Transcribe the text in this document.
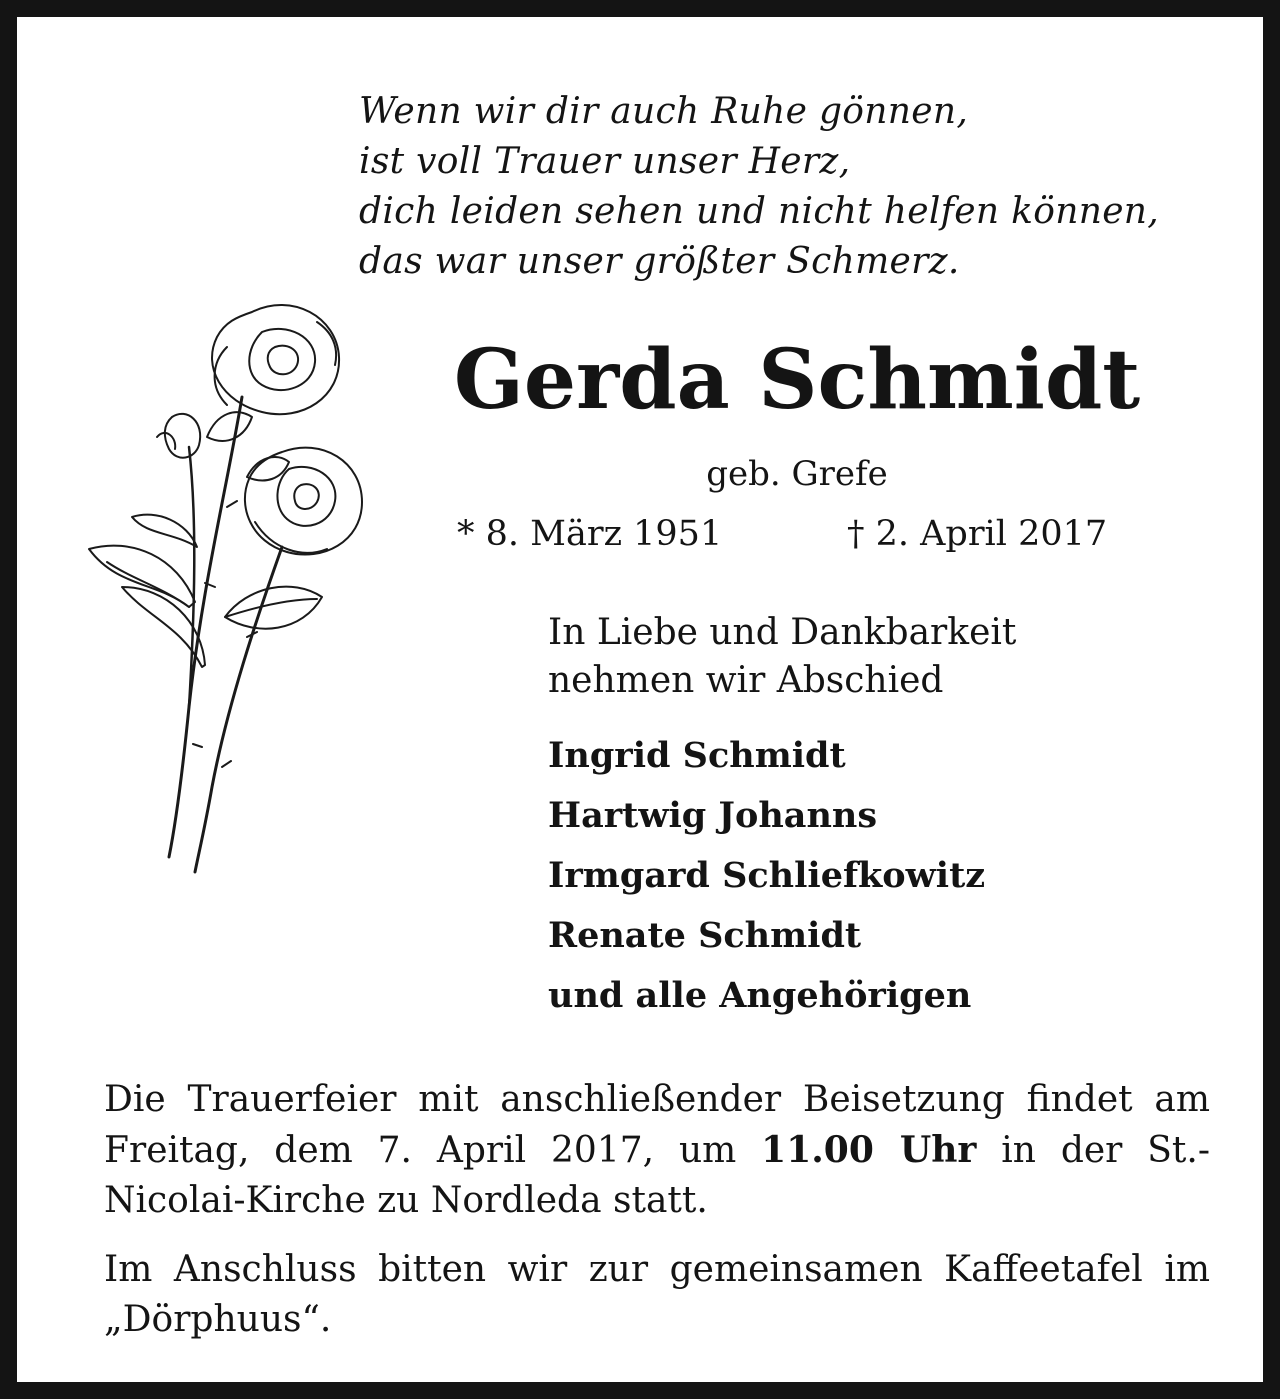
Wenn wir dir auch Ruhe gönnen,
ist voll Trauer unser Herz,
dich leiden sehen und nicht helfen können,
das war unser größter Schmerz.
Gerda Schmidt
geb. Grefe
* 8. März 1951	† 2. April 2017
In Liebe und Dankbarkeit
nehmen wir Abschied
Ingrid Schmidt
Hartwig Johanns
Irmgard Schliefkowitz
Renate Schmidt
und alle Angehörigen
Die Trauerfeier mit anschließender Beisetzung findet am Freitag, dem 7. April 2017, um 11.00 Uhr in der St.-Nicolai-Kirche zu Nordleda statt.
Im Anschluss bitten wir zur gemeinsamen Kaffeetafel im „Dörphuus“.
